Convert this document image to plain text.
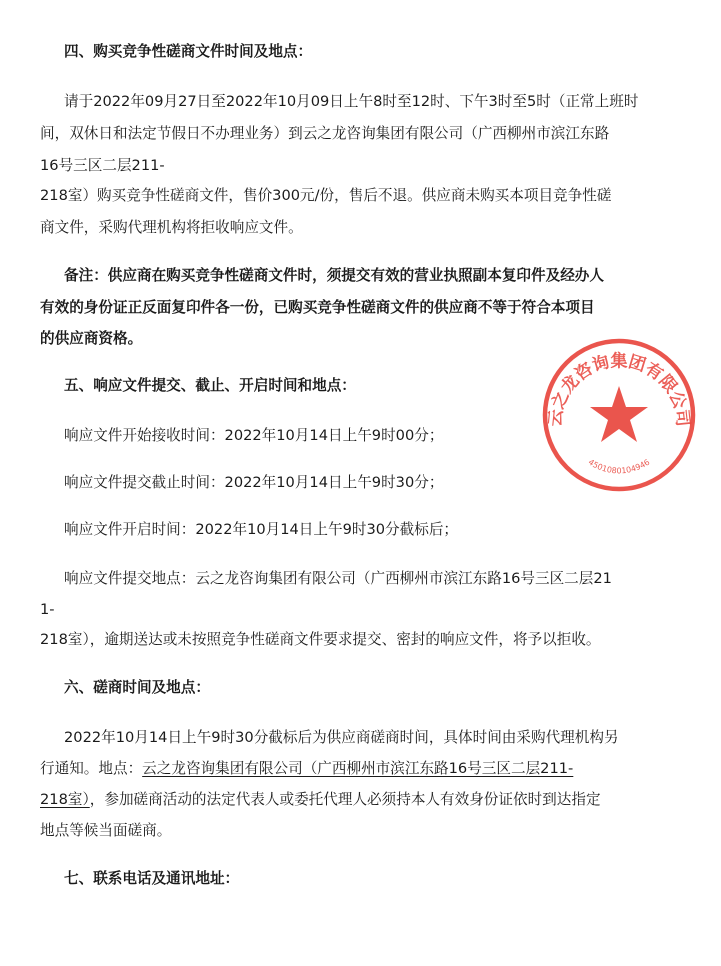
四、购买竞争性磋商文件时间及地点：
请于2022年09月27日至2022年10月09日上午8时至12时、下午3时至5时（正常上班时
间，双休日和法定节假日不办理业务）到云之龙咨询集团有限公司（广西柳州市滨江东路
16号三区二层211-
218室）购买竞争性磋商文件，售价300元/份，售后不退。供应商未购买本项目竞争性磋
商文件，采购代理机构将拒收响应文件。
备注：供应商在购买竞争性磋商文件时，须提交有效的营业执照副本复印件及经办人
有效的身份证正反面复印件各一份，已购买竞争性磋商文件的供应商不等于符合本项目
的供应商资格。
五、响应文件提交、截止、开启时间和地点：
响应文件开始接收时间：2022年10月14日上午9时00分；
响应文件提交截止时间：2022年10月14日上午9时30分；
响应文件开启时间：2022年10月14日上午9时30分截标后；
响应文件提交地点：云之龙咨询集团有限公司（广西柳州市滨江东路16号三区二层21
1-
218室），逾期送达或未按照竞争性磋商文件要求提交、密封的响应文件，将予以拒收。
六、磋商时间及地点：
2022年10月14日上午9时30分截标后为供应商磋商时间，具体时间由采购代理机构另
行通知。地点：云之龙咨询集团有限公司（广西柳州市滨江东路16号三区二层211-
218室），参加磋商活动的法定代表人或委托代理人必须持本人有效身份证依时到达指定
地点等候当面磋商。
七、联系电话及通讯地址：
云之龙咨询集团有限公司
4501080104946
